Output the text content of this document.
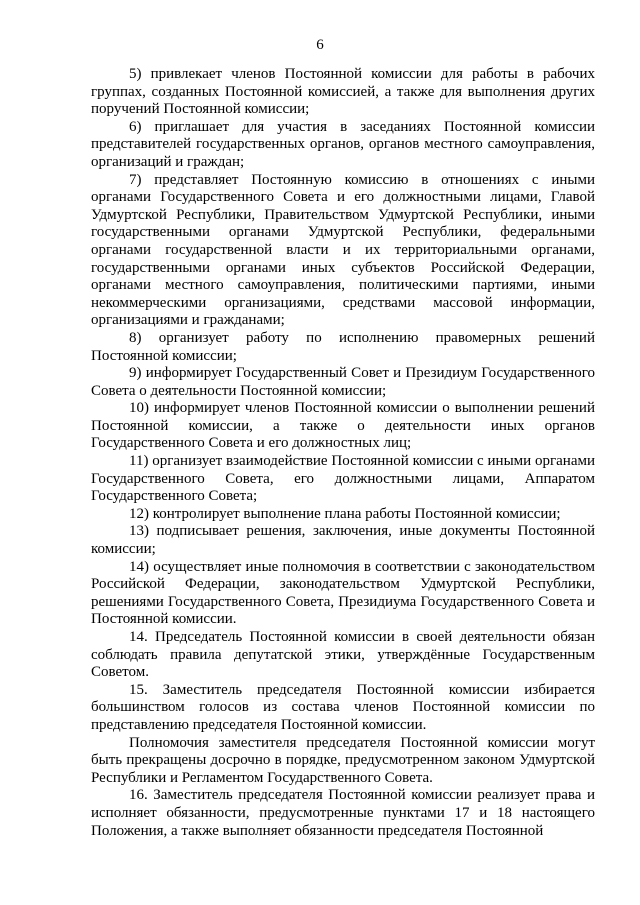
6

5) привлекает членов Постоянной комиссии для работы в рабочих группах, созданных Постоянной комиссией, а также для выполнения других поручений Постоянной комиссии;

6) приглашает для участия в заседаниях Постоянной комиссии представителей государственных органов, органов местного самоуправления, организаций и граждан;

7) представляет Постоянную комиссию в отношениях с иными органами Государственного Совета и его должностными лицами, Главой Удмуртской Республики, Правительством Удмуртской Республики, иными государственными органами Удмуртской Республики, федеральными органами государственной власти и их территориальными органами, государственными органами иных субъектов Российской Федерации, органами местного самоуправления, политическими партиями, иными некоммерческими организациями, средствами массовой информации, организациями и гражданами;

8) организует работу по исполнению правомерных решений Постоянной комиссии;

9) информирует Государственный Совет и Президиум Государственного Совета о деятельности Постоянной комиссии;

10) информирует членов Постоянной комиссии о выполнении решений Постоянной комиссии, а также о деятельности иных органов Государственного Совета и его должностных лиц;

11) организует взаимодействие Постоянной комиссии с иными органами Государственного Совета, его должностными лицами, Аппаратом Государственного Совета;

12) контролирует выполнение плана работы Постоянной комиссии;

13) подписывает решения, заключения, иные документы Постоянной комиссии;

14) осуществляет иные полномочия в соответствии с законодательством Российской Федерации, законодательством Удмуртской Республики, решениями Государственного Совета, Президиума Государственного Совета и Постоянной комиссии.

14. Председатель Постоянной комиссии в своей деятельности обязан соблюдать правила депутатской этики, утверждённые Государственным Советом.

15. Заместитель председателя Постоянной комиссии избирается большинством голосов из состава членов Постоянной комиссии по представлению председателя Постоянной комиссии.

Полномочия заместителя председателя Постоянной комиссии могут быть прекращены досрочно в порядке, предусмотренном законом Удмуртской Республики и Регламентом Государственного Совета.

16. Заместитель председателя Постоянной комиссии реализует права и исполняет обязанности, предусмотренные пунктами 17 и 18 настоящего Положения, а также выполняет обязанности председателя Постоянной
